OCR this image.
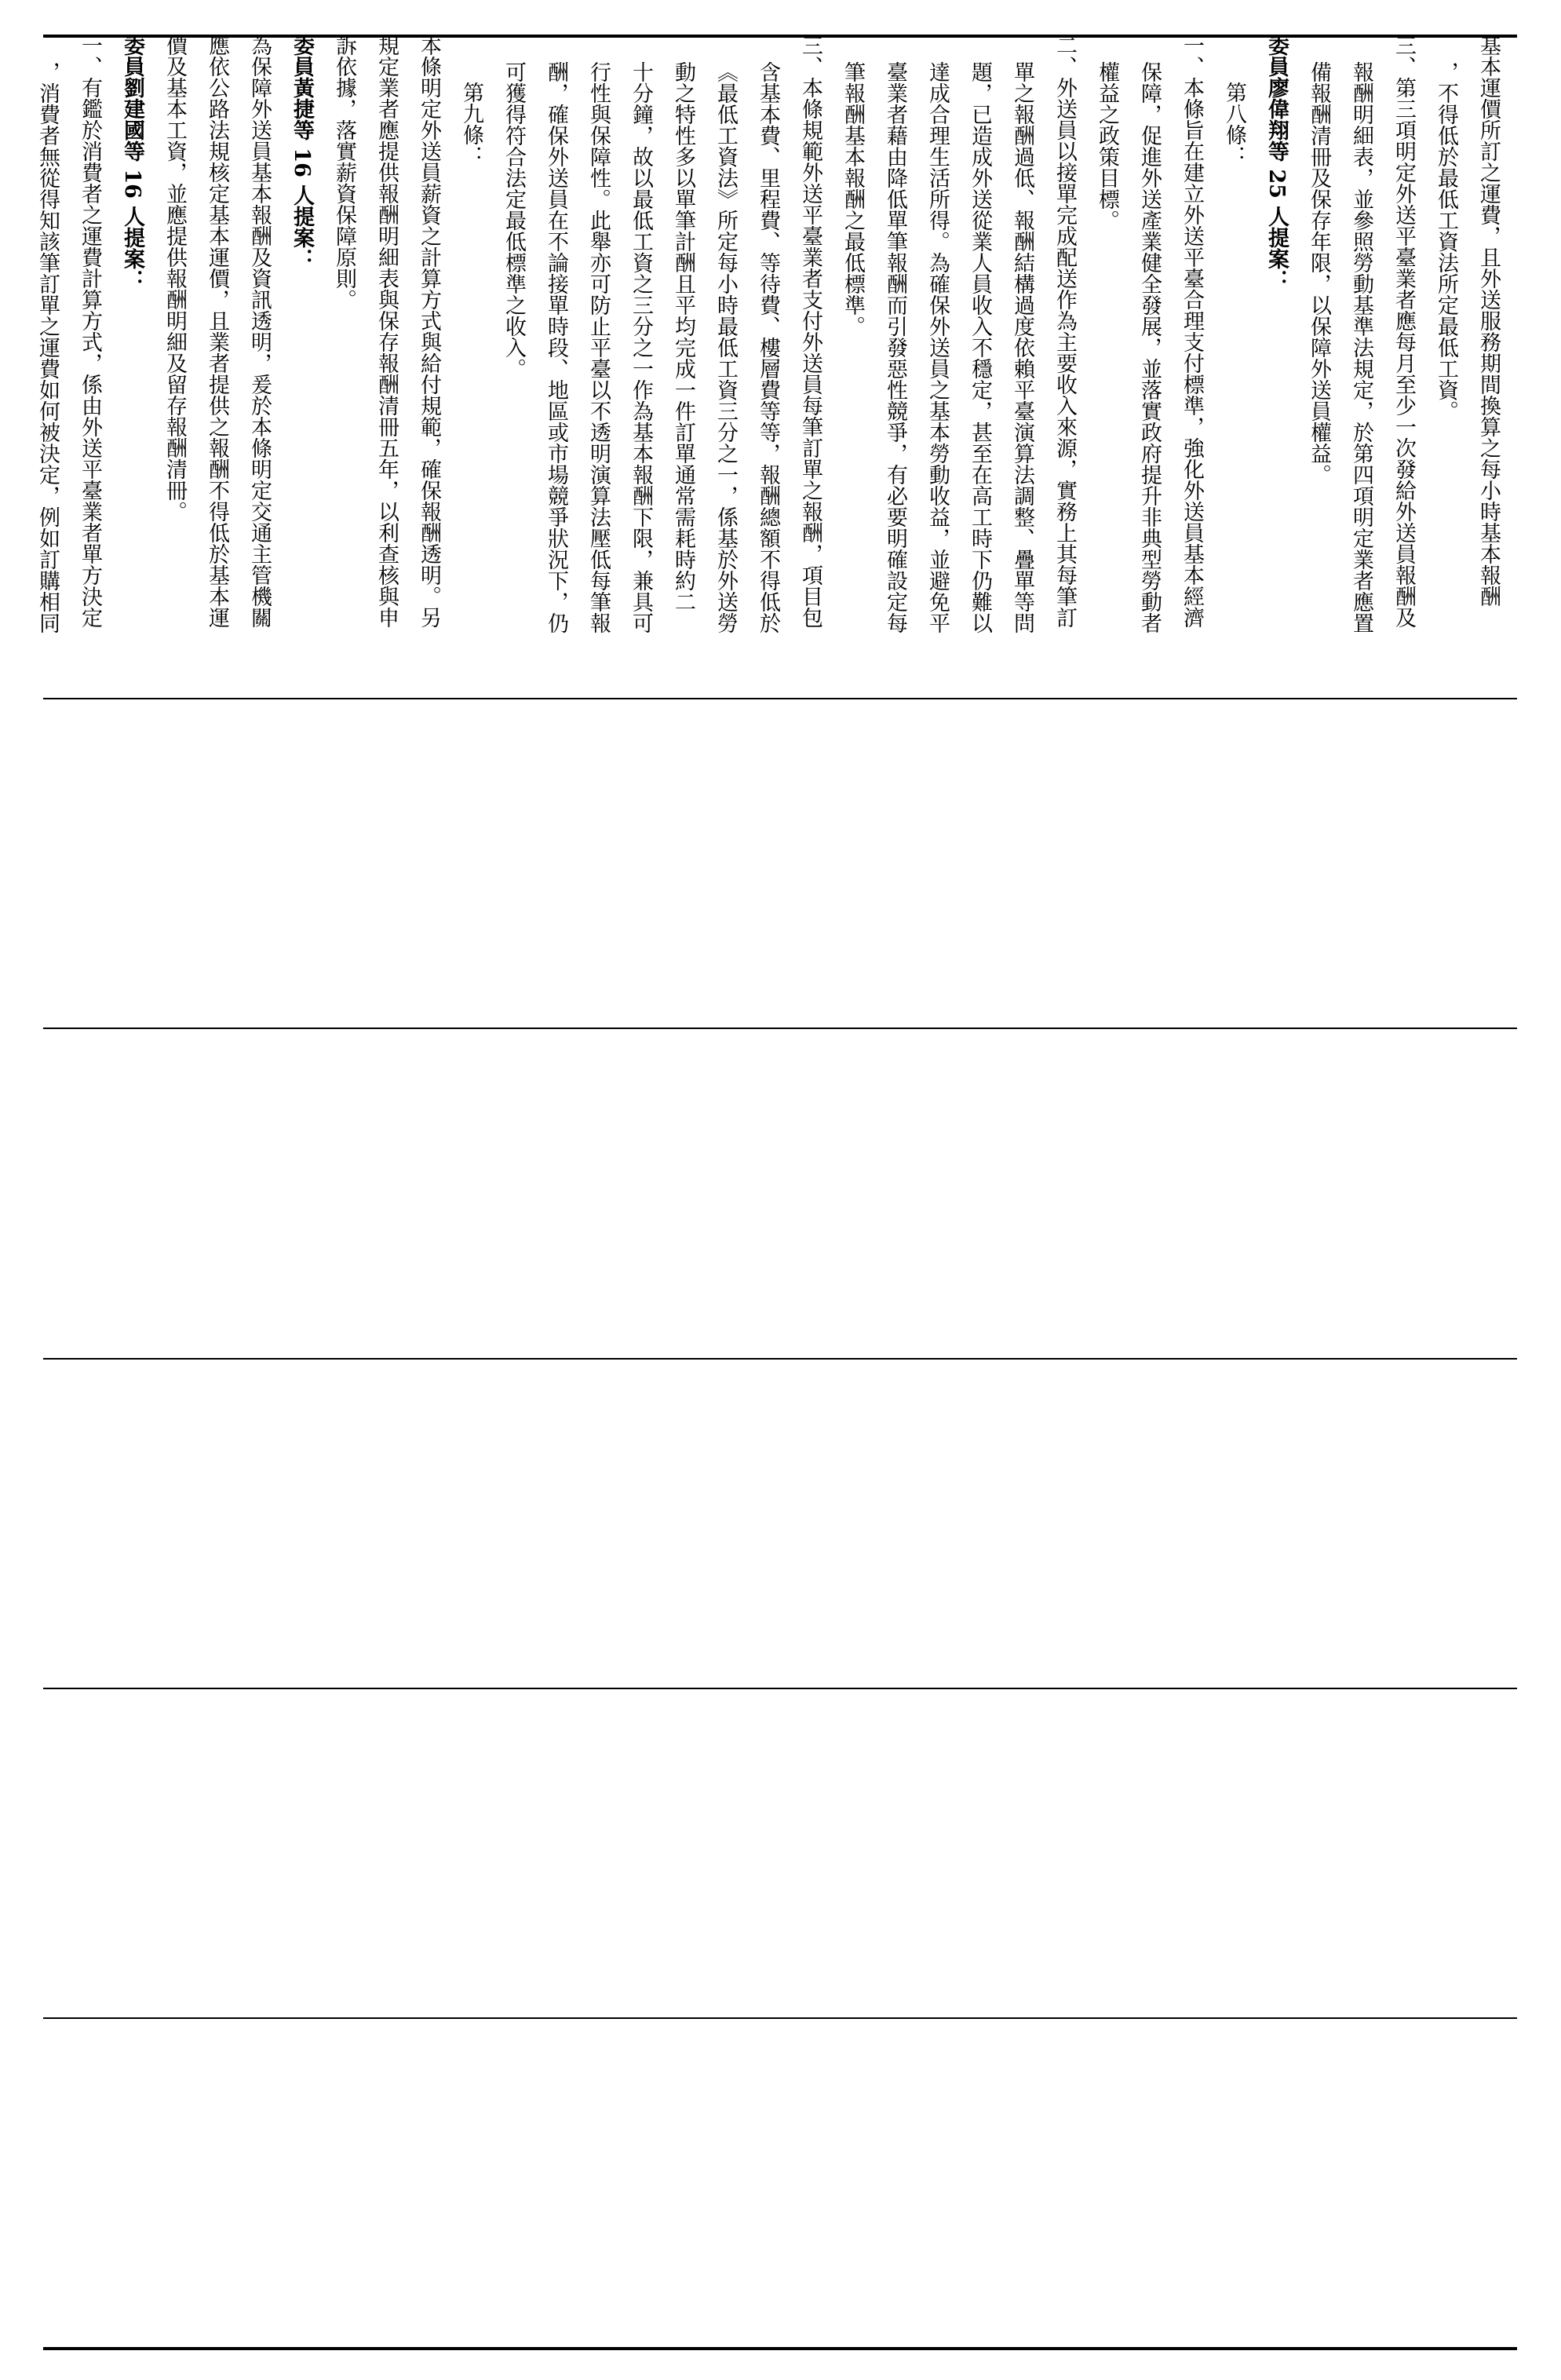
基本運價所訂之運費，且外送服務期間換算之每小時基本報酬

，不得低於最低工資法所定最低工資。

三、第三項明定外送平臺業者應每月至少一次發給外送員報酬及

報酬明細表，並參照勞動基準法規定，於第四項明定業者應置

備報酬清冊及保存年限，以保障外送員權益。

委員廖偉翔等 25 人提案：

第八條：

一、本條旨在建立外送平臺合理支付標準，強化外送員基本經濟

保障，促進外送產業健全發展，並落實政府提升非典型勞動者

權益之政策目標。

二、外送員以接單完成配送作為主要收入來源，實務上其每筆訂

單之報酬過低、報酬結構過度依賴平臺演算法調整、疊單等問

題，已造成外送從業人員收入不穩定，甚至在高工時下仍難以

達成合理生活所得。為確保外送員之基本勞動收益，並避免平

臺業者藉由降低單筆報酬而引發惡性競爭，有必要明確設定每

筆報酬基本報酬之最低標準。

三、本條規範外送平臺業者支付外送員每筆訂單之報酬，項目包

含基本費、里程費、等待費、樓層費等等，報酬總額不得低於

《最低工資法》所定每小時最低工資三分之一，係基於外送勞

動之特性多以單筆計酬且平均完成一件訂單通常需耗時約二

十分鐘，故以最低工資之三分之一作為基本報酬下限，兼具可

行性與保障性。此舉亦可防止平臺以不透明演算法壓低每筆報

酬，確保外送員在不論接單時段、地區或市場競爭狀況下，仍

可獲得符合法定最低標準之收入。

第九條：

本條明定外送員薪資之計算方式與給付規範，確保報酬透明。另

規定業者應提供報酬明細表與保存報酬清冊五年，以利查核與申

訴依據，落實薪資保障原則。

委員黃捷等 16 人提案：

為保障外送員基本報酬及資訊透明，爰於本條明定交通主管機關

應依公路法規核定基本運價，且業者提供之報酬不得低於基本運

價及基本工資，並應提供報酬明細及留存報酬清冊。

委員劉建國等 16 人提案：

一、有鑑於消費者之運費計算方式，係由外送平臺業者單方決定

，消費者無從得知該筆訂單之運費如何被決定，例如訂購相同
